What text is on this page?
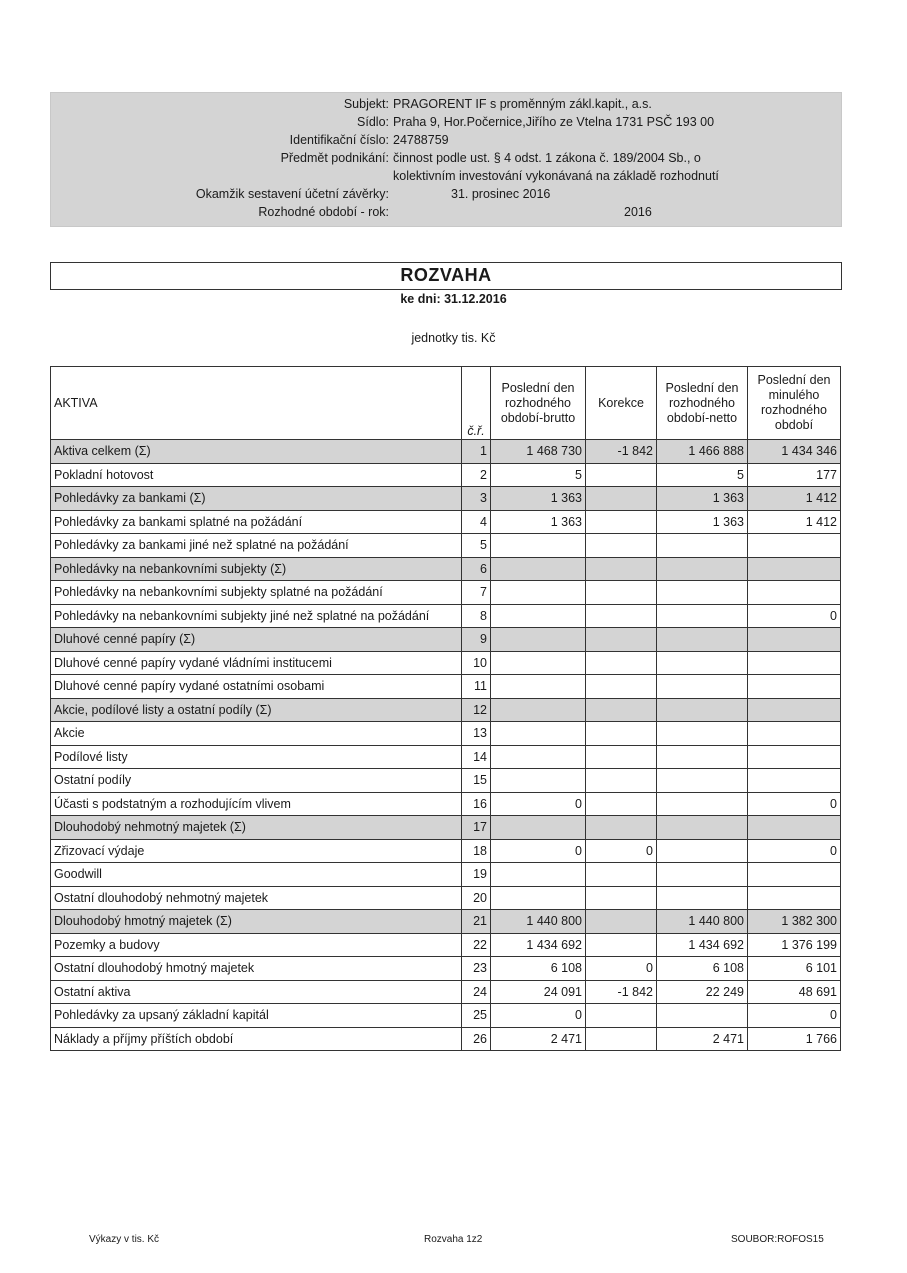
Subjekt: PRAGORENT IF s proměnným zákl.kapit., a.s.
Sídlo: Praha 9, Hor.Počernice,Jiřího ze Vtelna 1731 PSČ 193 00
Identifikační číslo: 24788759
Předmět podnikání: činnost podle ust. § 4 odst. 1 zákona č. 189/2004 Sb., o
kolektivním investování vykonávaná na základě rozhodnutí
Okamžik sestavení účetní závěrky:	31. prosinec 2016
Rozhodné období - rok:	2016
ROZVAHA
ke dni: 31.12.2016
jednotky tis. Kč
AKTIVA	č.ř.	Poslední den rozhodného období-brutto	Korekce	Poslední den rozhodného období-netto	Poslední den minulého rozhodného období
Aktiva celkem (Σ)	1	1 468 730	-1 842	1 466 888	1 434 346
Pokladní hotovost	2	5		5	177
Pohledávky za bankami (Σ)	3	1 363		1 363	1 412
Pohledávky za bankami splatné na požádání	4	1 363		1 363	1 412
Pohledávky za bankami jiné než splatné na požádání	5				
Pohledávky na nebankovními subjekty (Σ)	6				
Pohledávky na nebankovními subjekty splatné na požádání	7				
Pohledávky na nebankovními subjekty jiné než splatné na požádání	8				0
Dluhové cenné papíry (Σ)	9				
Dluhové cenné papíry vydané vládními institucemi	10				
Dluhové cenné papíry vydané ostatními osobami	11				
Akcie, podílové listy a ostatní podíly (Σ)	12				
Akcie	13				
Podílové listy	14				
Ostatní podíly	15				
Účasti s podstatným a rozhodujícím vlivem	16	0			0
Dlouhodobý nehmotný majetek (Σ)	17				
Zřizovací výdaje	18	0	0		0
Goodwill	19				
Ostatní dlouhodobý nehmotný majetek	20				
Dlouhodobý hmotný majetek (Σ)	21	1 440 800		1 440 800	1 382 300
Pozemky a budovy	22	1 434 692		1 434 692	1 376 199
Ostatní dlouhodobý hmotný majetek	23	6 108	0	6 108	6 101
Ostatní aktiva	24	24 091	-1 842	22 249	48 691
Pohledávky za upsaný základní kapitál	25	0			0
Náklady a příjmy příštích období	26	2 471		2 471	1 766
Výkazy v tis. Kč	Rozvaha 1z2	SOUBOR:ROFOS15
